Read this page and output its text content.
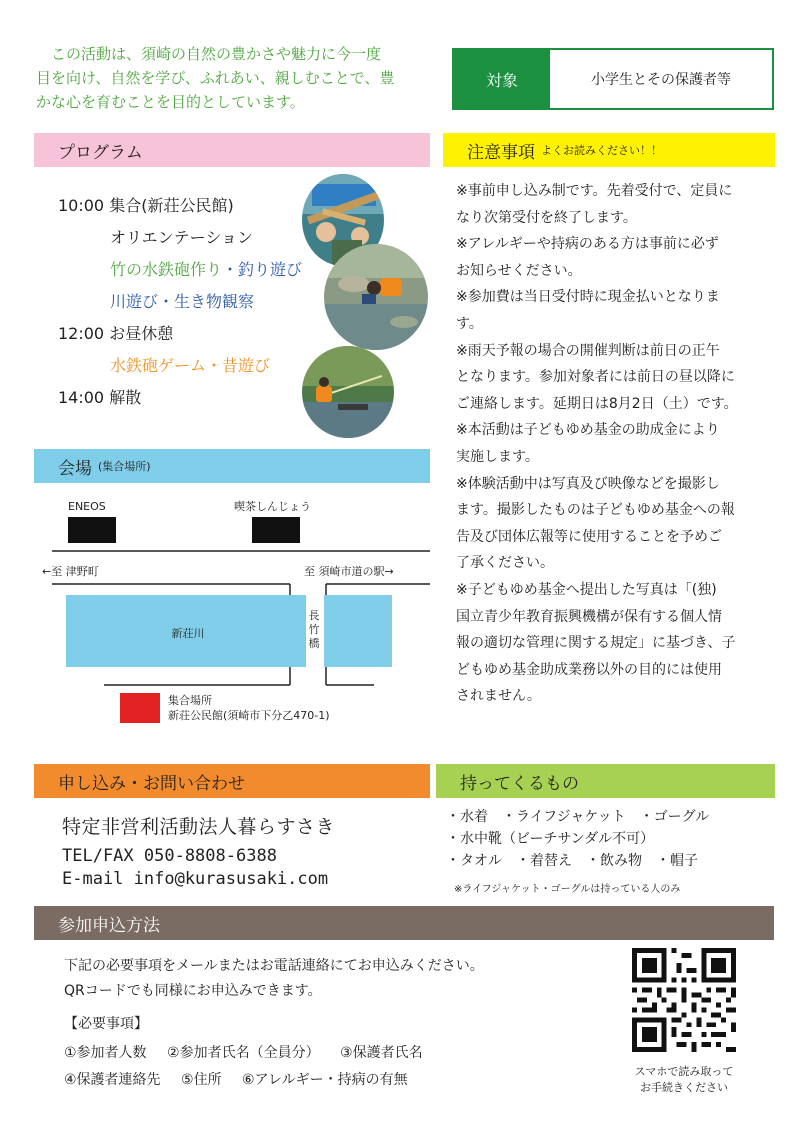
　この活動は、須崎の自然の豊かさや魅力に今一度
目を向け、自然を学び、ふれあい、親しむことで、豊
かな心を育むことを目的としています。
対象	小学生とその保護者等
プログラム
10:00 集合(新荘公民館)
オリエンテーション
竹の水鉄砲作り・釣り遊び
川遊び・生き物観察
12:00 お昼休憩
水鉄砲ゲーム・昔遊び
14:00 解散
注意事項 よくお読みください！！
※事前申し込み制です。先着受付で、定員に
なり次第受付を終了します。
※アレルギーや持病のある方は事前に必ず
お知らせください。
※参加費は当日受付時に現金払いとなりま
す。
※雨天予報の場合の開催判断は前日の正午
となります。参加対象者には前日の昼以降に
ご連絡します。延期日は8月2日（土）です。
※本活動は子どもゆめ基金の助成金により
実施します。
※体験活動中は写真及び映像などを撮影し
ます。撮影したものは子どもゆめ基金への報
告及び団体広報等に使用することを予めご
了承ください。
※子どもゆめ基金へ提出した写真は「(独)
国立青少年教育振興機構が保有する個人情
報の適切な管理に関する規定」に基づき、子
どもゆめ基金助成業務以外の目的には使用
されません。
会場 (集合場所)
ENEOS	喫茶しんじょう
←至 津野町	至 須崎市道の駅→
新荘川
長
竹
橋
集合場所
新荘公民館(須崎市下分乙470-1)
申し込み・お問い合わせ
特定非営利活動法人暮らすさき
TEL/FAX 050-8808-6388
E-mail info@kurasusaki.com
持ってくるもの
・水着　・ライフジャケット　・ゴーグル
・水中靴（ビーチサンダル不可）
・タオル　・着替え　・飲み物　・帽子
※ライフジャケット・ゴーグルは持っている人のみ
参加申込方法
下記の必要事項をメールまたはお電話連絡にてお申込みください。
QRコードでも同様にお申込みできます。
【必要事項】
①参加者人数 ②参加者氏名（全員分） ③保護者氏名
④保護者連絡先 ⑤住所 ⑥アレルギー・持病の有無
スマホで読み取って
お手続きください
